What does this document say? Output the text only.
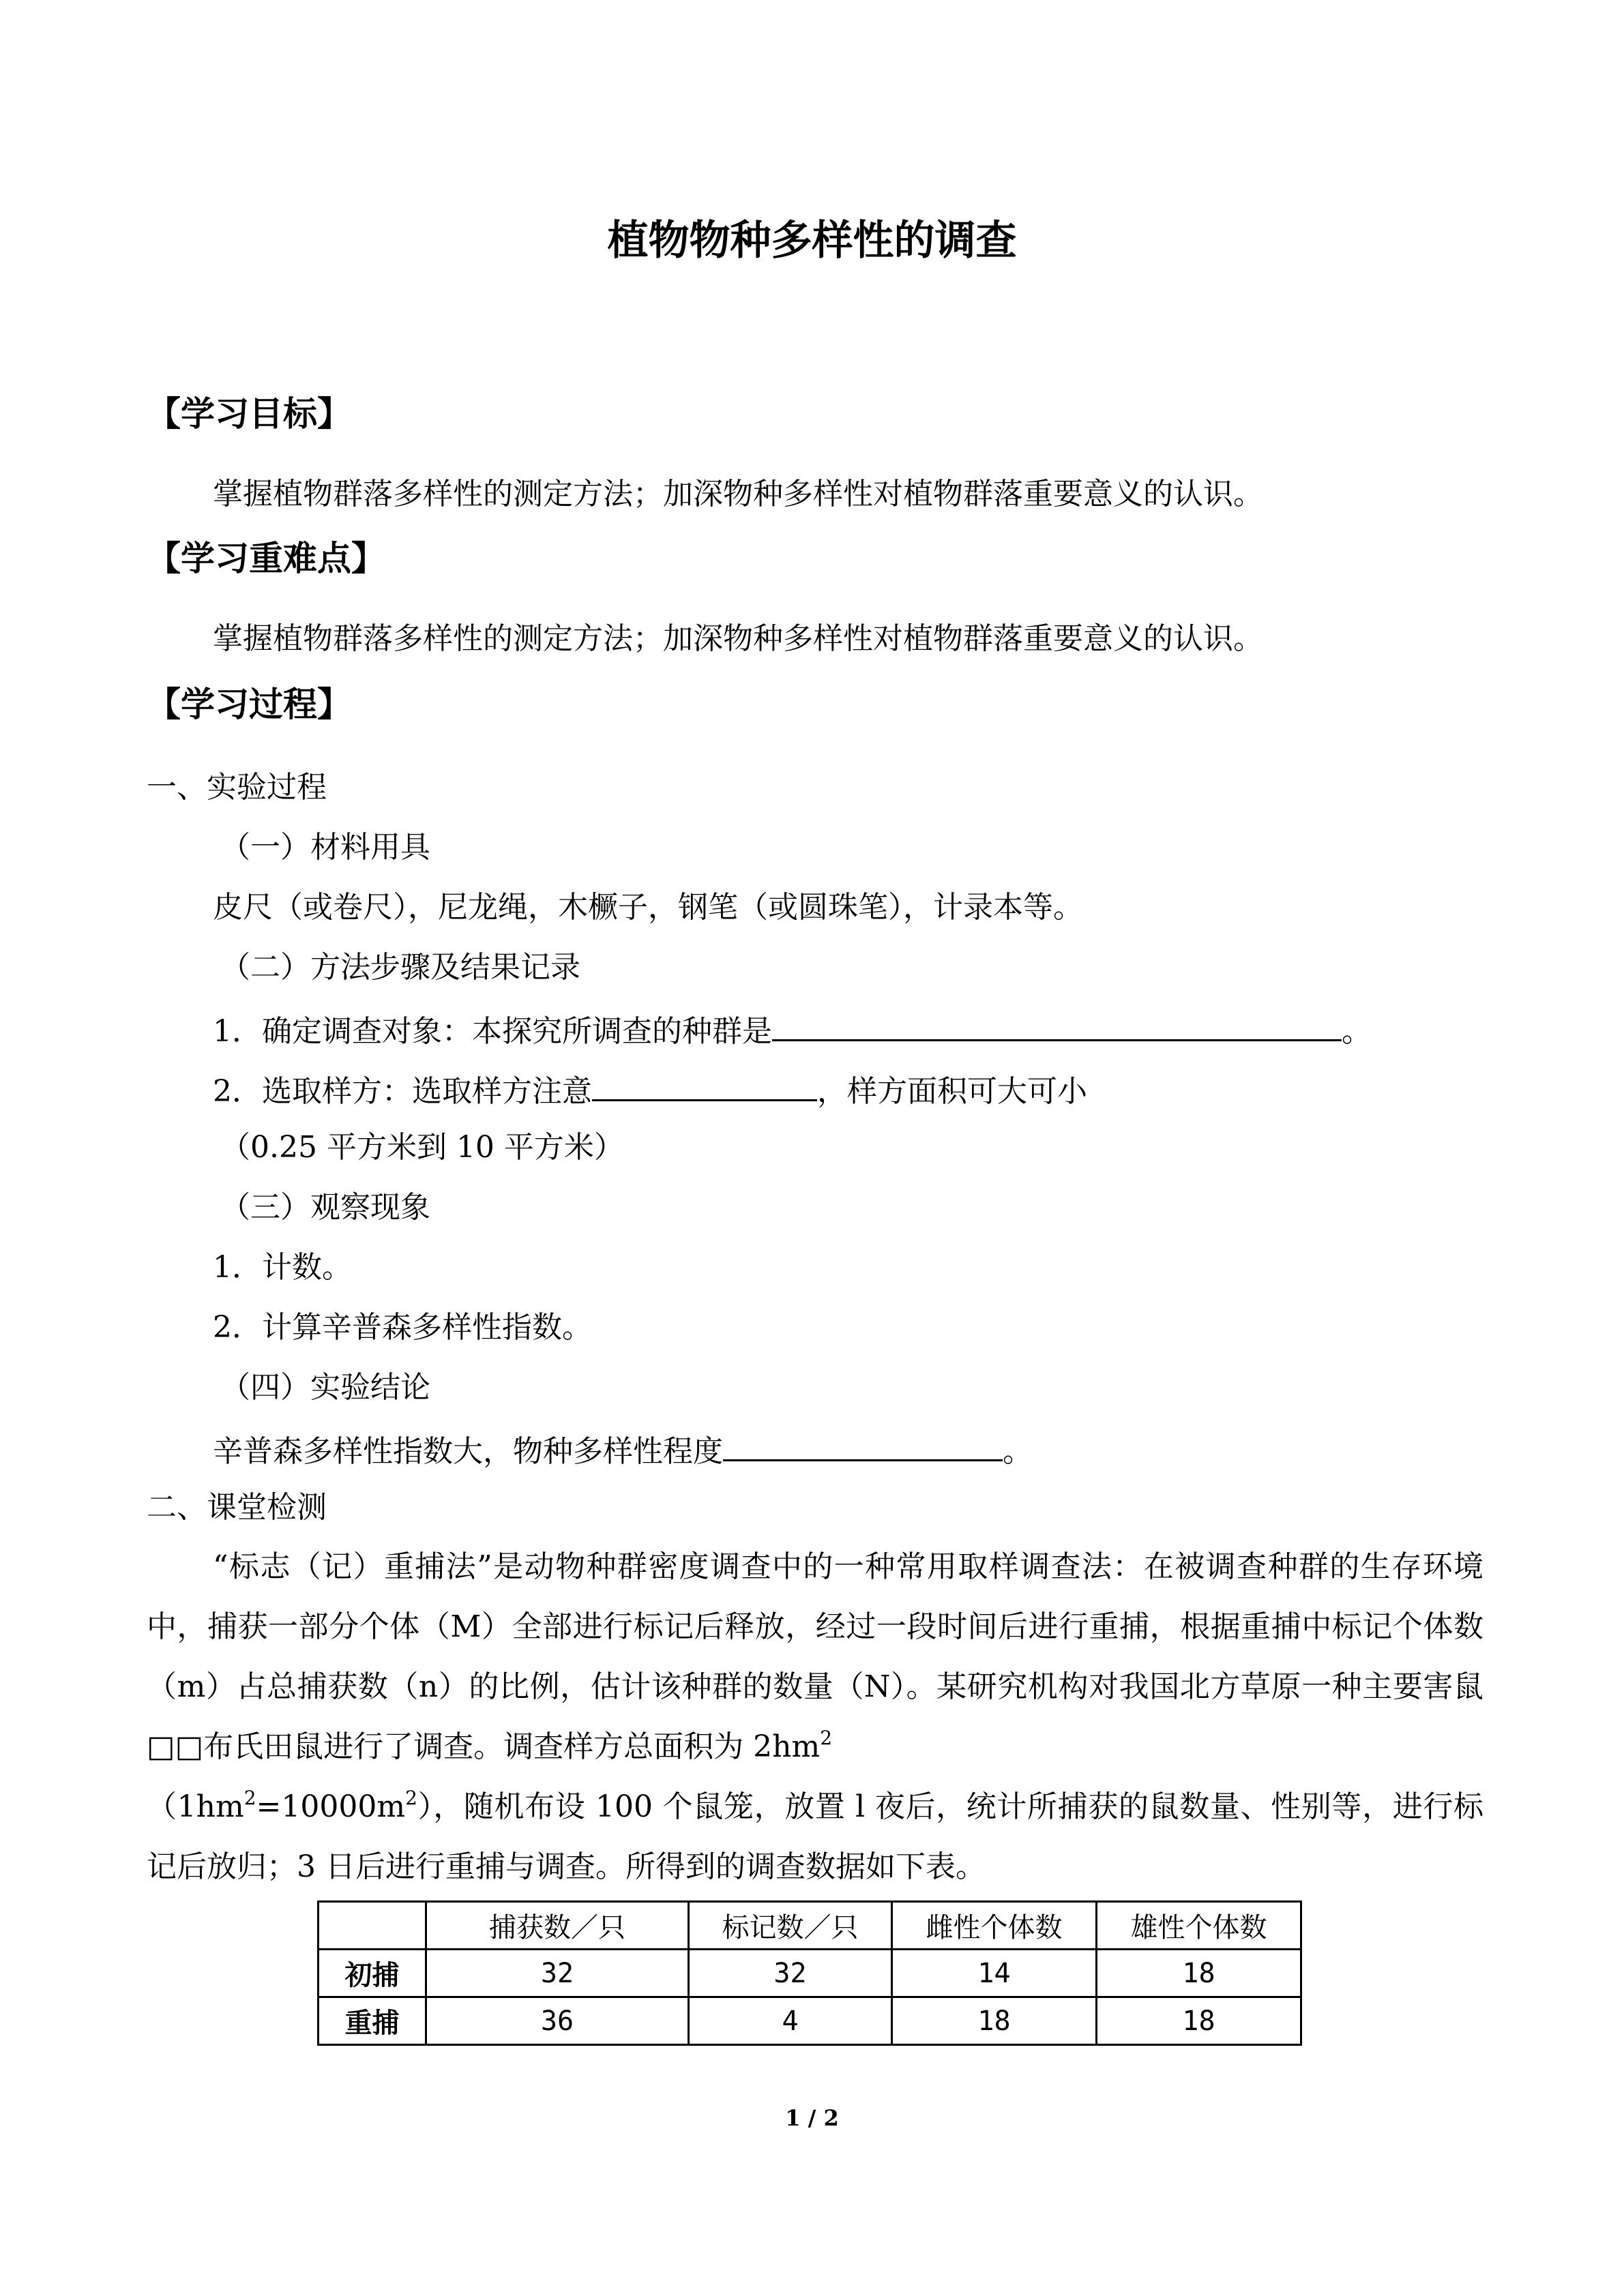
植物物种多样性的调查
【学习目标】
掌握植物群落多样性的测定方法；加深物种多样性对植物群落重要意义的认识。
【学习重难点】
掌握植物群落多样性的测定方法；加深物种多样性对植物群落重要意义的认识。
【学习过程】
一、实验过程
（一）材料用具
皮尺（或卷尺），尼龙绳，木橛子，钢笔（或圆珠笔），计录本等。
（二）方法步骤及结果记录
1．确定调查对象：本探究所调查的种群是	。
2．选取样方：选取样方注意	，样方面积可大可小
（0.25 平方米到 10 平方米）
（三）观察现象
1．计数。
2．计算辛普森多样性指数。
（四）实验结论
辛普森多样性指数大，物种多样性程度	。
二、课堂检测
“标志（记）重捕法”是动物种群密度调查中的一种常用取样调查法：在被调查种群的生存环境中，捕获一部分个体（M）全部进行标记后释放，经过一段时间后进行重捕，根据重捕中标记个体数（m）占总捕获数（n）的比例，估计该种群的数量（N）。某研究机构对我国北方草原一种主要害鼠□□布氏田鼠进行了调查。调查样方总面积为 $2hm^2$
$(1hm^2=10000m^2)$，随机布设 100 个鼠笼，放置 l 夜后，统计所捕获的鼠数量、性别等，进行标记后放归；3 日后进行重捕与调查。所得到的调查数据如下表。
	捕获数／只	标记数／只	雌性个体数	雄性个体数
初捕	32	32	14	18
重捕	36	4	18	18
1 / 2
